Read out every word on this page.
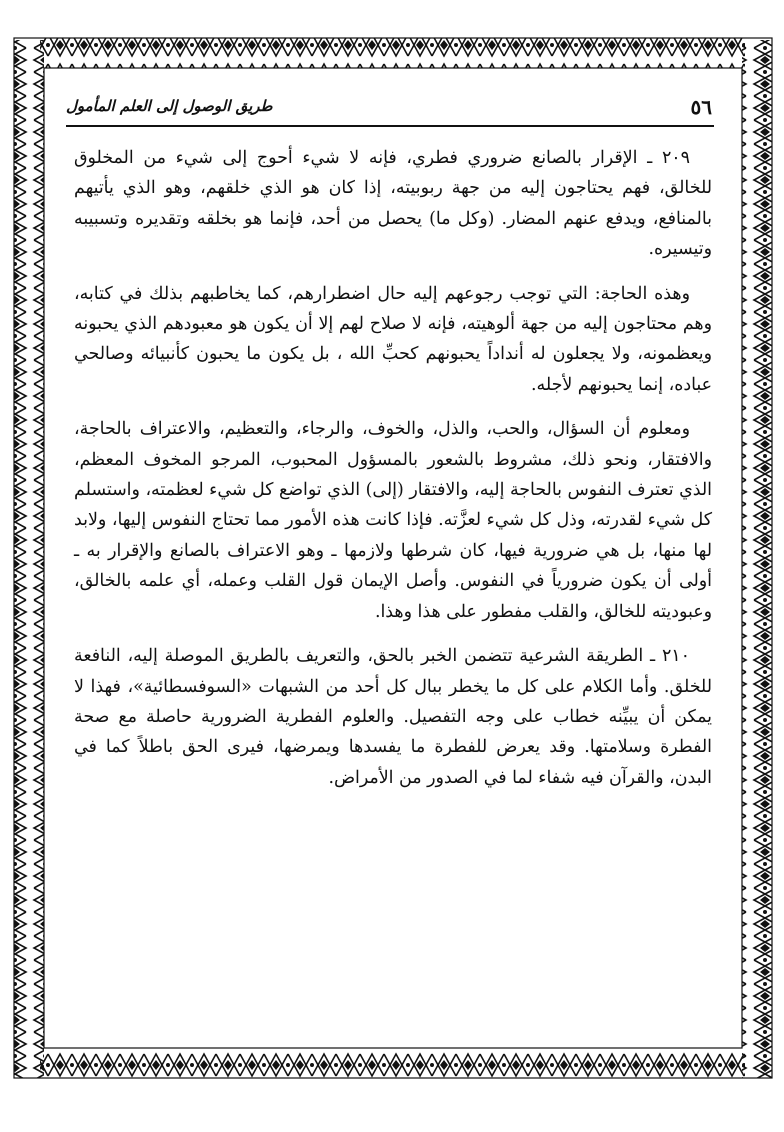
٥٦
طريق الوصول إلى العلم المأمول

٢٠٩ ـ الإقرار بالصانع ضروري فطري، فإنه لا شيء أحوج إلى شيء من المخلوق للخالق، فهم يحتاجون إليه من جهة ربوبيته، إذا كان هو الذي خلقهم، وهو الذي يأتيهم بالمنافع، ويدفع عنهم المضار. (وكل ما) يحصل من أحد، فإنما هو بخلقه وتقديره وتسبيبه وتيسيره.

وهذه الحاجة: التي توجب رجوعهم إليه حال اضطرارهم، كما يخاطبهم بذلك في كتابه، وهم محتاجون إليه من جهة ألوهيته، فإنه لا صلاح لهم إلا أن يكون هو معبودهم الذي يحبونه ويعظمونه، ولا يجعلون له أنداداً يحبونهم كحبِّ الله ، بل يكون ما يحبون كأنبيائه وصالحي عباده، إنما يحبونهم لأجله.

ومعلوم أن السؤال، والحب، والذل، والخوف، والرجاء، والتعظيم، والاعتراف بالحاجة، والافتقار، ونحو ذلك، مشروط بالشعور بالمسؤول المحبوب، المرجو المخوف المعظم، الذي تعترف النفوس بالحاجة إليه، والافتقار (إلى) الذي تواضع كل شيء لعظمته، واستسلم كل شيء لقدرته، وذل كل شيء لعزَّته. فإذا كانت هذه الأمور مما تحتاج النفوس إليها، ولابد لها منها، بل هي ضرورية فيها، كان شرطها ولازمها ـ وهو الاعتراف بالصانع والإقرار به ـ أولى أن يكون ضرورياً في النفوس. وأصل الإيمان قول القلب وعمله، أي علمه بالخالق، وعبوديته للخالق، والقلب مفطور على هذا وهذا.

٢١٠ ـ الطريقة الشرعية تتضمن الخبر بالحق، والتعريف بالطريق الموصلة إليه، النافعة للخلق. وأما الكلام على كل ما يخطر ببال كل أحد من الشبهات «السوفسطائية»، فهذا لا يمكن أن يبيِّنه خطاب على وجه التفصيل. والعلوم الفطرية الضرورية حاصلة مع صحة الفطرة وسلامتها. وقد يعرض للفطرة ما يفسدها ويمرضها، فيرى الحق باطلاً كما في البدن، والقرآن فيه شفاء لما في الصدور من الأمراض.
